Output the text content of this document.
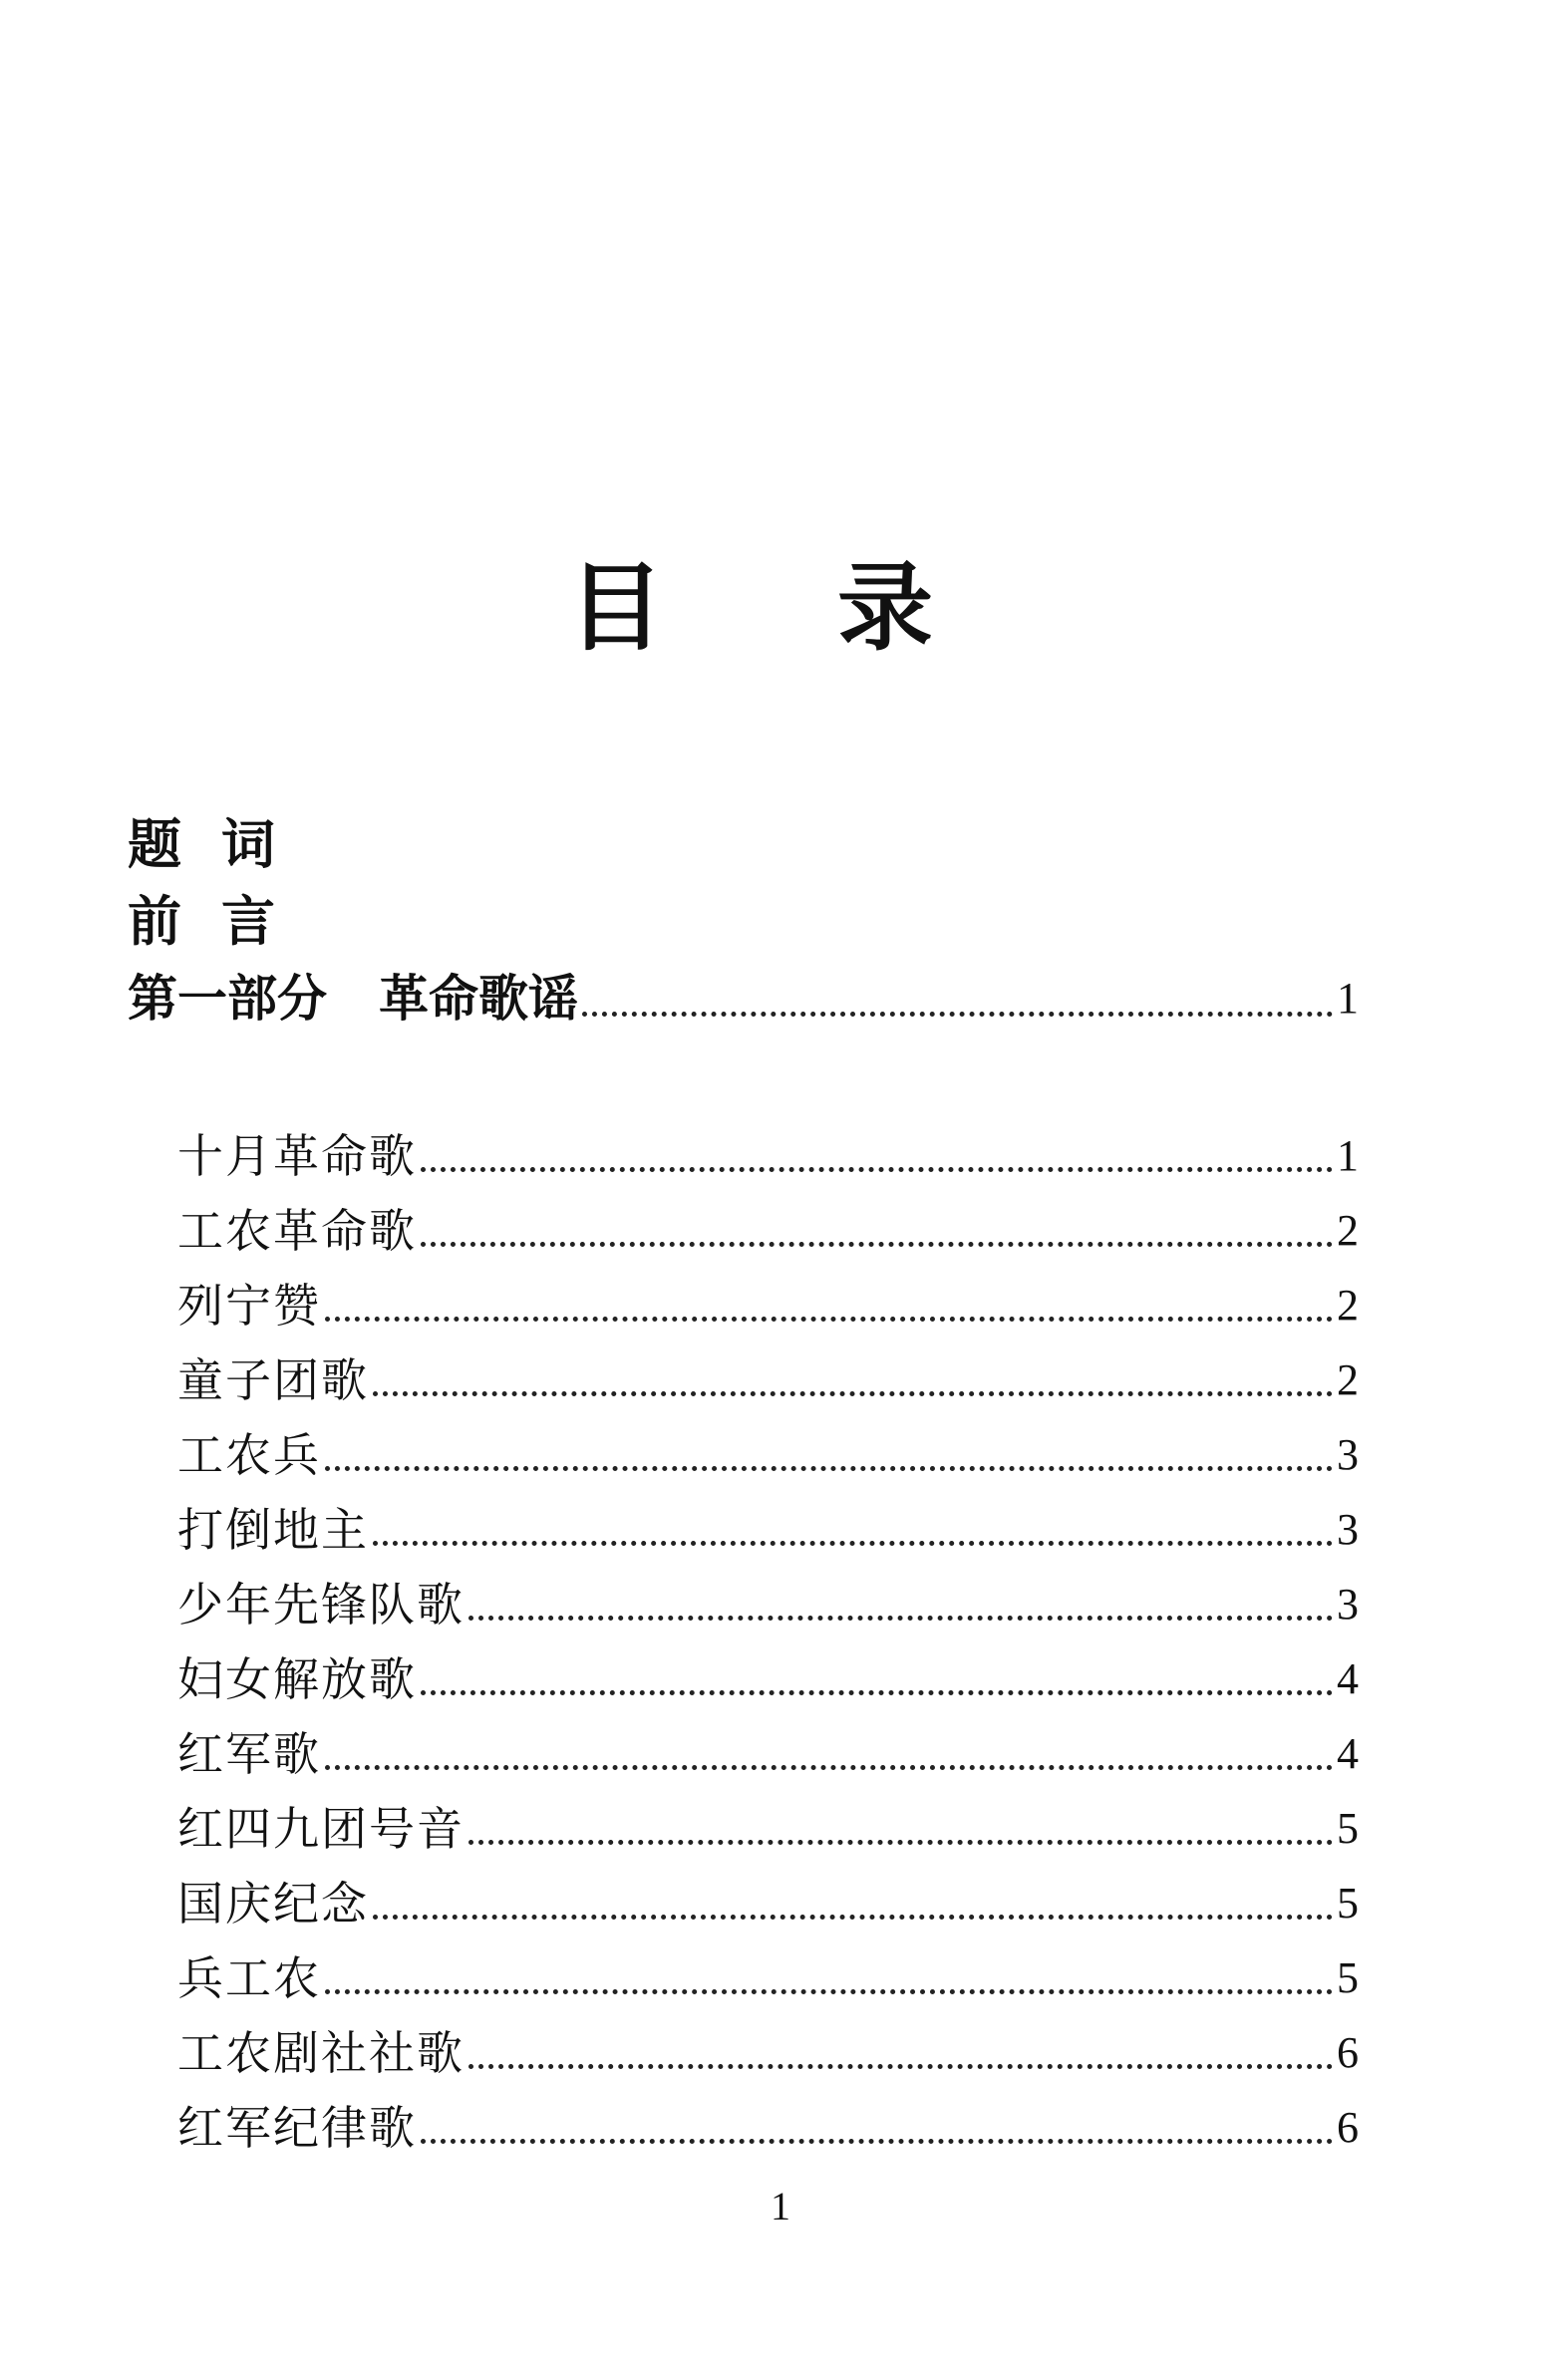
目 录
题词
前言
第一部分 革命歌谣	1
十月革命歌	1
工农革命歌	2
列宁赞	2
童子团歌	2
工农兵	3
打倒地主	3
少年先锋队歌	3
妇女解放歌	4
红军歌	4
红四九团号音	5
国庆纪念	5
兵工农	5
工农剧社社歌	6
红军纪律歌	6
1
